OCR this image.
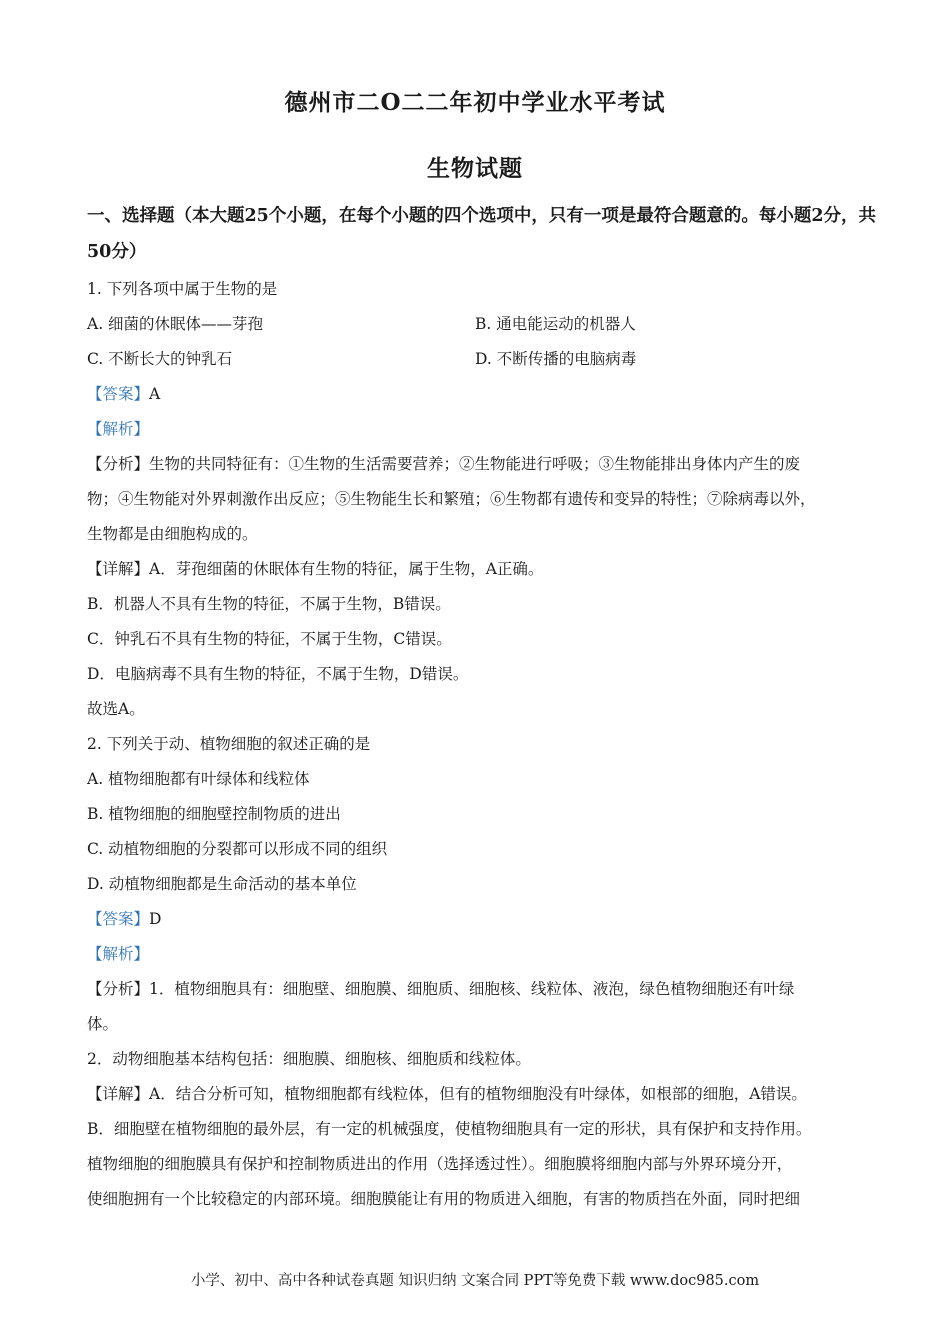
德州市二O二二年初中学业水平考试
生物试题
一、选择题（本大题25个小题，在每个小题的四个选项中，只有一项是最符合题意的。每小题2分，共50分）
1. 下列各项中属于生物的是
A. 细菌的休眠体——芽孢	B. 通电能运动的机器人
C. 不断长大的钟乳石	D. 不断传播的电脑病毒
【答案】A
【解析】
【分析】生物的共同特征有：①生物的生活需要营养；②生物能进行呼吸；③生物能排出身体内产生的废
物；④生物能对外界刺激作出反应；⑤生物能生长和繁殖；⑥生物都有遗传和变异的特性；⑦除病毒以外，
生物都是由细胞构成的。
【详解】A．芽孢细菌的休眠体有生物的特征，属于生物，A正确。
B．机器人不具有生物的特征，不属于生物，B错误。
C．钟乳石不具有生物的特征，不属于生物，C错误。
D．电脑病毒不具有生物的特征，不属于生物，D错误。
故选A。
2. 下列关于动、植物细胞的叙述正确的是
A. 植物细胞都有叶绿体和线粒体
B. 植物细胞的细胞壁控制物质的进出
C. 动植物细胞的分裂都可以形成不同的组织
D. 动植物细胞都是生命活动的基本单位
【答案】D
【解析】
【分析】1．植物细胞具有：细胞壁、细胞膜、细胞质、细胞核、线粒体、液泡，绿色植物细胞还有叶绿
体。
2．动物细胞基本结构包括：细胞膜、细胞核、细胞质和线粒体。
【详解】A．结合分析可知，植物细胞都有线粒体，但有的植物细胞没有叶绿体，如根部的细胞，A错误。
B．细胞壁在植物细胞的最外层，有一定的机械强度，使植物细胞具有一定的形状，具有保护和支持作用。
植物细胞的细胞膜具有保护和控制物质进出的作用（选择透过性）。细胞膜将细胞内部与外界环境分开，
使细胞拥有一个比较稳定的内部环境。细胞膜能让有用的物质进入细胞，有害的物质挡在外面，同时把细
小学、初中、高中各种试卷真题 知识归纳 文案合同 PPT等免费下载 www.doc985.com
